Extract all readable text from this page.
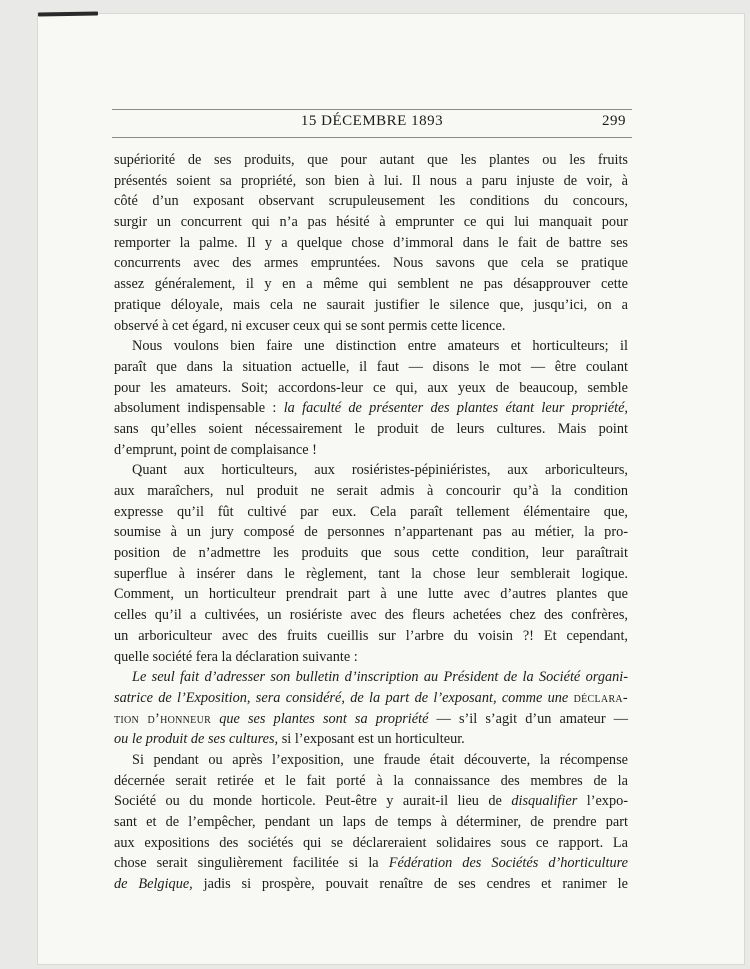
15 DÉCEMBRE 1893	299
supériorité de ses produits, que pour autant que les plantes ou les fruits
présentés soient sa propriété, son bien à lui. Il nous a paru injuste de voir, à
côté d’un exposant observant scrupuleusement les conditions du concours,
surgir un concurrent qui n’a pas hésité à emprunter ce qui lui manquait pour
remporter la palme. Il y a quelque chose d’immoral dans le fait de battre ses
concurrents avec des armes empruntées. Nous savons que cela se pratique
assez généralement, il y en a même qui semblent ne pas désapprouver cette
pratique déloyale, mais cela ne saurait justifier le silence que, jusqu’ici, on a
observé à cet égard, ni excuser ceux qui se sont permis cette licence.
Nous voulons bien faire une distinction entre amateurs et horticulteurs; il
paraît que dans la situation actuelle, il faut — disons le mot — être coulant
pour les amateurs. Soit; accordons-leur ce qui, aux yeux de beaucoup, semble
absolument indispensable : la faculté de présenter des plantes étant leur propriété,
sans qu’elles soient nécessairement le produit de leurs cultures. Mais point
d’emprunt, point de complaisance !
Quant aux horticulteurs, aux rosiéristes-pépiniéristes, aux arboriculteurs,
aux maraîchers, nul produit ne serait admis à concourir qu’à la condition
expresse qu’il fût cultivé par eux. Cela paraît tellement élémentaire que,
soumise à un jury composé de personnes n’appartenant pas au métier, la pro-
position de n’admettre les produits que sous cette condition, leur paraîtrait
superflue à insérer dans le règlement, tant la chose leur semblerait logique.
Comment, un horticulteur prendrait part à une lutte avec d’autres plantes que
celles qu’il a cultivées, un rosiériste avec des fleurs achetées chez des confrères,
un arboriculteur avec des fruits cueillis sur l’arbre du voisin ?! Et cependant,
quelle société fera la déclaration suivante :
Le seul fait d’adresser son bulletin d’inscription au Président de la Société organi-
satrice de l’Exposition, sera considéré, de la part de l’exposant, comme une déclara-
tion d’honneur que ses plantes sont sa propriété — s’il s’agit d’un amateur —
ou le produit de ses cultures, si l’exposant est un horticulteur.
Si pendant ou après l’exposition, une fraude était découverte, la récompense
décernée serait retirée et le fait porté à la connaissance des membres de la
Société ou du monde horticole. Peut-être y aurait-il lieu de disqualifier l’expo-
sant et de l’empêcher, pendant un laps de temps à déterminer, de prendre part
aux expositions des sociétés qui se déclareraient solidaires sous ce rapport. La
chose serait singulièrement facilitée si la Fédération des Sociétés d’horticulture
de Belgique, jadis si prospère, pouvait renaître de ses cendres et ranimer le
